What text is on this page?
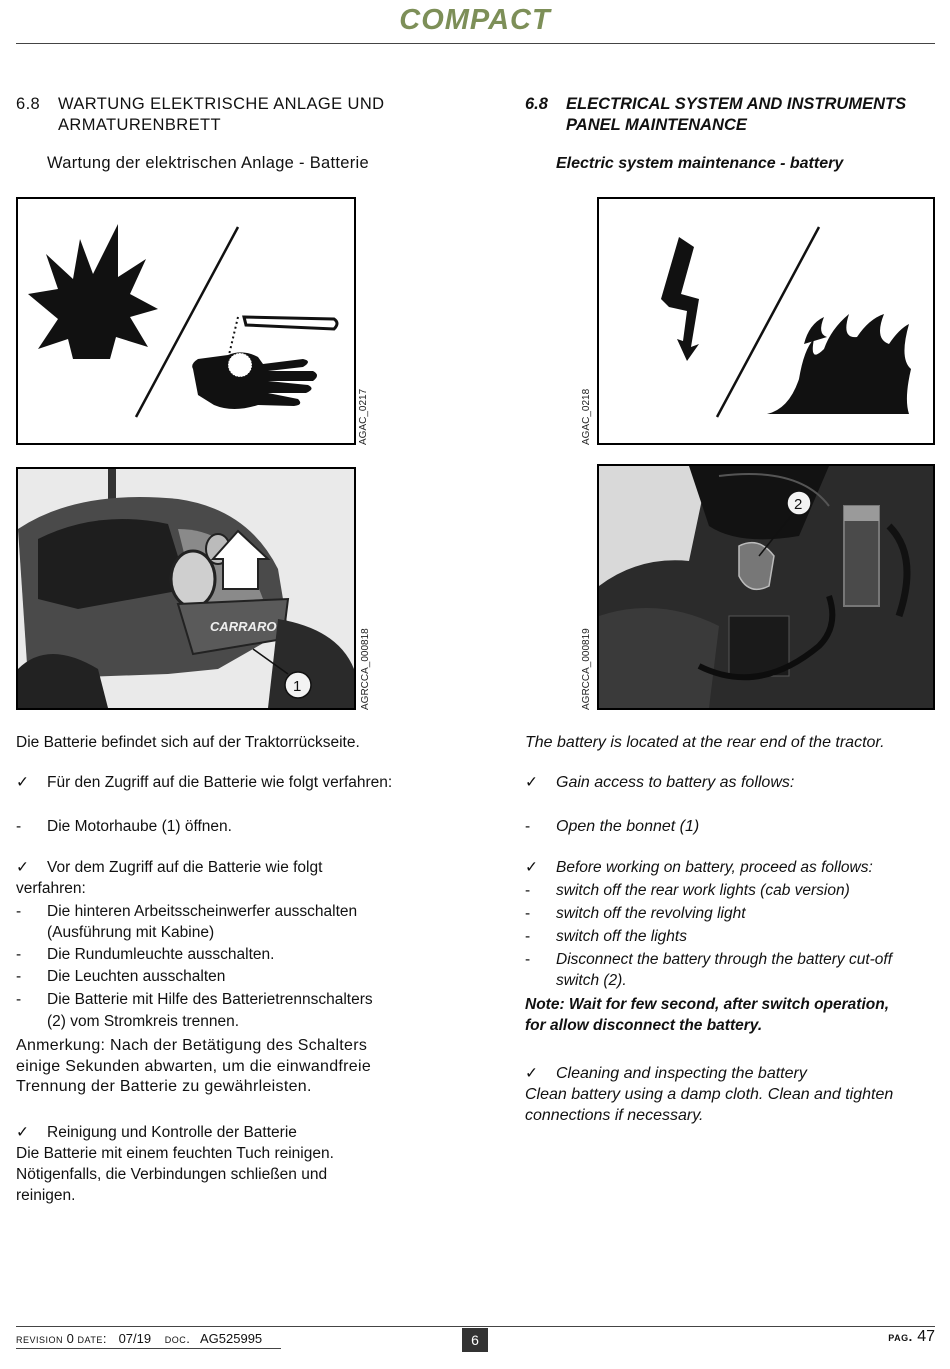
COMPACT
6.8 WARTUNG ELEKTRISCHE ANLAGE UND
ARMATURENBRETT
6.8 ELECTRICAL SYSTEM AND INSTRUMENTS
PANEL MAINTENANCE
Wartung der elektrischen Anlage - Batterie	Electric system maintenance - battery
AGAC_0217	AGAC_0218
CARRARO
1	AGRCCA_000818
2
AGRCCA_000819
Die Batterie befindet sich auf der Traktorrückseite.
✓ Für den Zugriff auf die Batterie wie folgt verfahren:
- Die Motorhaube (1) öffnen.
✓ Vor dem Zugriff auf die Batterie wie folgt
verfahren:
- Die hinteren Arbeitsscheinwerfer ausschalten
(Ausführung mit Kabine)
- Die Rundumleuchte ausschalten.
- Die Leuchten ausschalten
- Die Batterie mit Hilfe des Batterietrennschalters
(2) vom Stromkreis trennen.
Anmerkung: Nach der Betätigung des Schalters
einige Sekunden abwarten, um die einwandfreie
Trennung der Batterie zu gewährleisten.
✓ Reinigung und Kontrolle der Batterie
Die Batterie mit einem feuchten Tuch reinigen.
Nötigenfalls, die Verbindungen schließen und
reinigen.
The battery is located at the rear end of the tractor.
✓ Gain access to battery as follows:
- Open the bonnet (1)
✓ Before working on battery, proceed as follows:
- switch off the rear work lights (cab version)
- switch off the revolving light
- switch off the lights
- Disconnect the battery through the battery cut-off
switch (2).
Note: Wait for few second, after switch operation,
for allow disconnect the battery.
✓ Cleaning and inspecting the battery
Clean battery using a damp cloth. Clean and tighten
connections if necessary.
revision 0 date: 07/19 doc. AG525995	6	pag. 47
